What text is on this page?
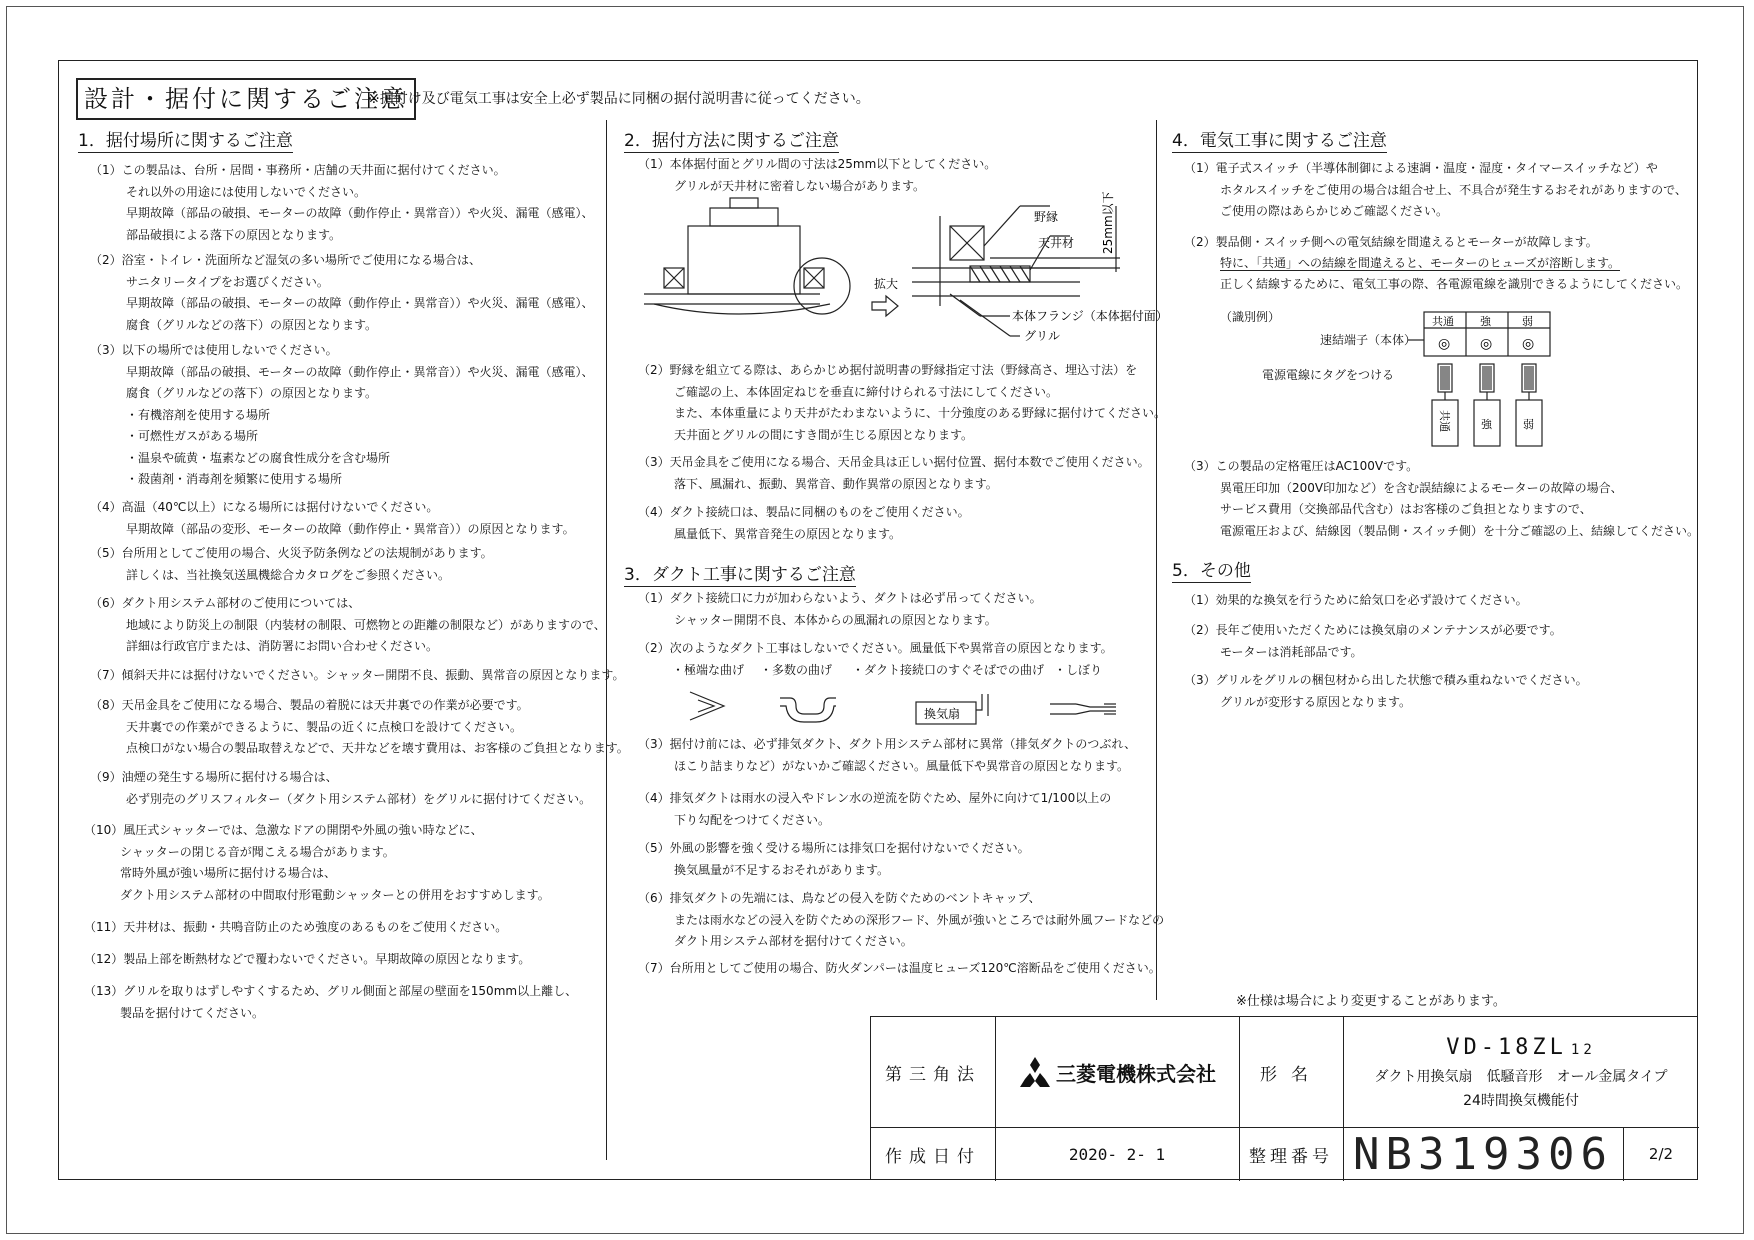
設計・据付に関するご注意
※据付け及び電気工事は安全上必ず製品に同梱の据付説明書に従ってください。
1．据付場所に関するご注意
（1）この製品は、台所・居間・事務所・店舗の天井面に据付けてください。
　　　それ以外の用途には使用しないでください。
　　　早期故障（部品の破損、モーターの故障（動作停止・異常音））や火災、漏電（感電）、
　　　部品破損による落下の原因となります。
（2）浴室・トイレ・洗面所など湿気の多い場所でご使用になる場合は、
　　　サニタリータイプをお選びください。
　　　早期故障（部品の破損、モーターの故障（動作停止・異常音））や火災、漏電（感電）、
　　　腐食（グリルなどの落下）の原因となります。
（3）以下の場所では使用しないでください。
　　　早期故障（部品の破損、モーターの故障（動作停止・異常音））や火災、漏電（感電）、
　　　腐食（グリルなどの落下）の原因となります。
　　　・有機溶剤を使用する場所
　　　・可燃性ガスがある場所
　　　・温泉や硫黄・塩素などの腐食性成分を含む場所
　　　・殺菌剤・消毒剤を頻繁に使用する場所
（4）高温（40℃以上）になる場所には据付けないでください。
　　　早期故障（部品の変形、モーターの故障（動作停止・異常音））の原因となります。
（5）台所用としてご使用の場合、火災予防条例などの法規制があります。
　　　詳しくは、当社換気送風機総合カタログをご参照ください。
（6）ダクト用システム部材のご使用については、
　　　地域により防災上の制限（内装材の制限、可燃物との距離の制限など）がありますので、
　　　詳細は行政官庁または、消防署にお問い合わせください。
（7）傾斜天井には据付けないでください。シャッター開閉不良、振動、異常音の原因となります。
（8）天吊金具をご使用になる場合、製品の着脱には天井裏での作業が必要です。
　　　天井裏での作業ができるように、製品の近くに点検口を設けてください。
　　　点検口がない場合の製品取替えなどで、天井などを壊す費用は、お客様のご負担となります。
（9）油煙の発生する場所に据付ける場合は、
　　　必ず別売のグリスフィルター（ダクト用システム部材）をグリルに据付けてください。
（10）風圧式シャッターでは、急激なドアの開閉や外風の強い時などに、
　　　シャッターの閉じる音が聞こえる場合があります。
　　　常時外風が強い場所に据付ける場合は、
　　　ダクト用システム部材の中間取付形電動シャッターとの併用をおすすめします。
（11）天井材は、振動・共鳴音防止のため強度のあるものをご使用ください。
（12）製品上部を断熱材などで覆わないでください。早期故障の原因となります。
（13）グリルを取りはずしやすくするため、グリル側面と部屋の壁面を150mm以上離し、
　　　製品を据付けてください。
2．据付方法に関するご注意
（1）本体据付面とグリル間の寸法は25mm以下としてください。
　　　グリルが天井材に密着しない場合があります。
野縁
天井材 25mm以下
拡大
本体フランジ（本体据付面）
グリル
（2）野縁を組立てる際は、あらかじめ据付説明書の野縁指定寸法（野縁高さ、埋込寸法）を
　　　ご確認の上、本体固定ねじを垂直に締付けられる寸法にしてください。
　　　また、本体重量により天井がたわまないように、十分強度のある野縁に据付けてください。
　　　天井面とグリルの間にすき間が生じる原因となります。
（3）天吊金具をご使用になる場合、天吊金具は正しい据付位置、据付本数でご使用ください。
　　　落下、風漏れ、振動、異常音、動作異常の原因となります。
（4）ダクト接続口は、製品に同梱のものをご使用ください。
　　　風量低下、異常音発生の原因となります。
3．ダクト工事に関するご注意
（1）ダクト接続口に力が加わらないよう、ダクトは必ず吊ってください。
　　　シャッター開閉不良、本体からの風漏れの原因となります。
（2）次のようなダクト工事はしないでください。風量低下や異常音の原因となります。
・極端な曲げ ・多数の曲げ ・ダクト接続口のすぐそばでの曲げ ・しぼり
換気扇
（3）据付け前には、必ず排気ダクト、ダクト用システム部材に異常（排気ダクトのつぶれ、
　　　ほこり詰まりなど）がないかご確認ください。風量低下や異常音の原因となります。
（4）排気ダクトは雨水の浸入やドレン水の逆流を防ぐため、屋外に向けて1/100以上の
　　　下り勾配をつけてください。
（5）外風の影響を強く受ける場所には排気口を据付けないでください。
　　　換気風量が不足するおそれがあります。
（6）排気ダクトの先端には、鳥などの侵入を防ぐためのベントキャップ、
　　　または雨水などの浸入を防ぐための深形フード、外風が強いところでは耐外風フードなどの
　　　ダクト用システム部材を据付けてください。
（7）台所用としてご使用の場合、防火ダンパーは温度ヒューズ120℃溶断品をご使用ください。
4．電気工事に関するご注意
（1）電子式スイッチ（半導体制御による速調・温度・湿度・タイマースイッチなど）や
　　　ホタルスイッチをご使用の場合は組合せ上、不具合が発生するおそれがありますので、
　　　ご使用の際はあらかじめご確認ください。
（2）製品側・スイッチ側への電気結線を間違えるとモーターが故障します。
　　　特に、「共通」への結線を間違えると、モーターのヒューズが溶断します。
正しく結線するために、電気工事の際、各電源電線を識別できるようにしてください。
（識別例）
速結端子（本体）
電源電線にタグをつける
共通 強	弱
◎ ◎ ◎
共通	強	弱
（3）この製品の定格電圧はAC100Vです。
　　　異電圧印加（200V印加など）を含む誤結線によるモーターの故障の場合、
　　　サービス費用（交換部品代含む）はお客様のご負担となりますので、
　　　電源電圧および、結線図（製品側・スイッチ側）を十分ご確認の上、結線してください。
5．その他
（1）効果的な換気を行うために給気口を必ず設けてください。
（2）長年ご使用いただくためには換気扇のメンテナンスが必要です。
　　　モーターは消耗部品です。
（3）グリルをグリルの梱包材から出した状態で積み重ねないでください。
　　　グリルが変形する原因となります。
※仕様は場合により変更することがあります。
第三角法	三菱電機株式会社	形名
VD-18ZL 12
ダクト用換気扇　低騒音形　オール金属タイプ
24時間換気機能付
作成日付	2020- 2- 1	整理番号 NB319306	2/2
